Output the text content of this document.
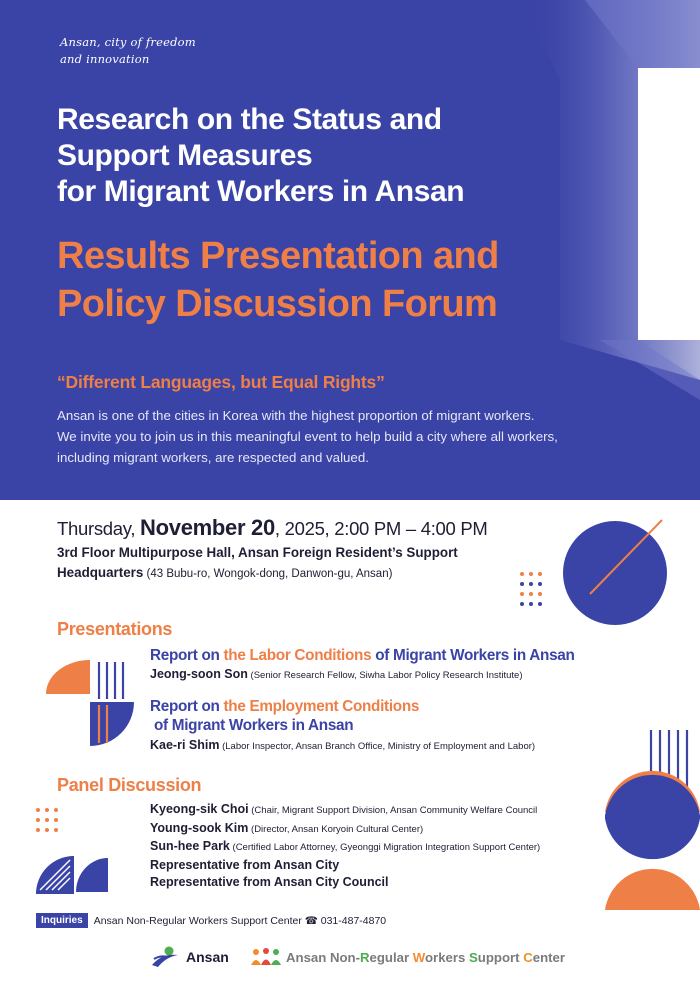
Ansan, city of freedom
and innovation
Research on the Status and
Support Measures
for Migrant Workers in Ansan
Results Presentation and
Policy Discussion Forum
“Different Languages, but Equal Rights”
Ansan is one of the cities in Korea with the highest proportion of migrant workers.
We invite you to join us in this meaningful event to help build a city where all workers,
including migrant workers, are respected and valued.
Thursday, November 20, 2025, 2:00 PM – 4:00 PM
3rd Floor Multipurpose Hall, Ansan Foreign Resident’s Support
Headquarters (43 Bubu-ro, Wongok-dong, Danwon-gu, Ansan)
Presentations
Report on the Labor Conditions of Migrant Workers in Ansan
Jeong-soon Son (Senior Research Fellow, Siwha Labor Policy Research Institute)
Report on the Employment Conditions
of Migrant Workers in Ansan
Kae-ri Shim (Labor Inspector, Ansan Branch Office, Ministry of Employment and Labor)
Panel Discussion
Kyeong-sik Choi (Chair, Migrant Support Division, Ansan Community Welfare Council
Young-sook Kim (Director, Ansan Koryoin Cultural Center)
Sun-hee Park (Certified Labor Attorney, Gyeonggi Migration Integration Support Center)
Representative from Ansan City
Representative from Ansan City Council
Inquiries	Ansan Non-Regular Workers Support Center ☎ 031-487-4870
Ansan	Ansan Non-Regular Workers Support Center
